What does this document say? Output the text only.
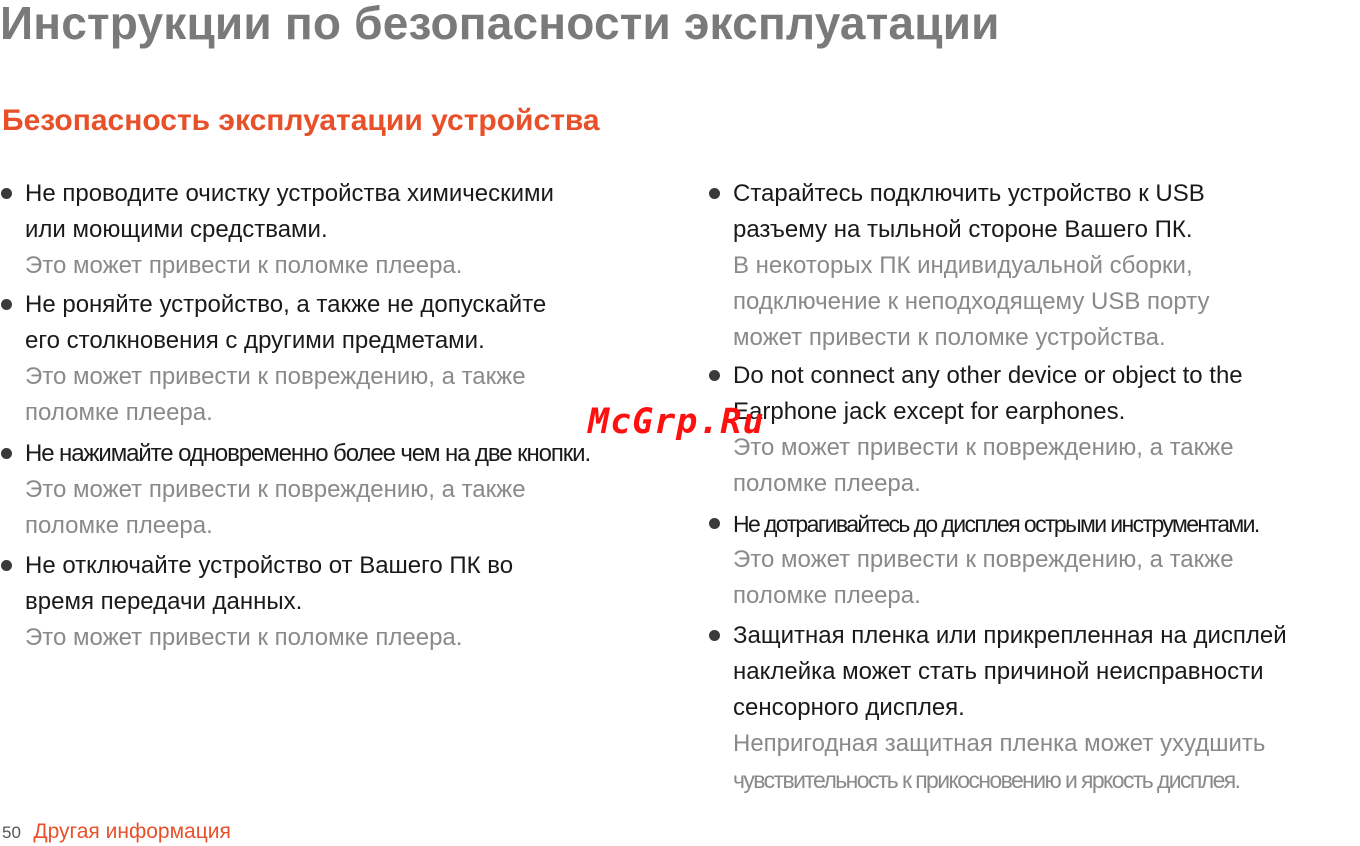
Инструкции по безопасности эксплуатации
Безопасность эксплуатации устройства
Не проводите очистку устройства химическими
или моющими средствами.
Это может привести к поломке плеера.
Не роняйте устройство, а также не допускайте
его столкновения с другими предметами.
Это может привести к повреждению, а также
поломке плеера.
Не нажимайте одновременно более чем на две кнопки.
Это может привести к повреждению, а также
поломке плеера.
Не отключайте устройство от Вашего ПК во
время передачи данных.
Это может привести к поломке плеера.
Старайтесь подключить устройство к USB
разъему на тыльной стороне Вашего ПК.
В некоторых ПК индивидуальной сборки,
подключение к неподходящему USB порту
может привести к поломке устройства.
Do not connect any other device or object to the
Earphone jack except for earphones.
Это может привести к повреждению, а также
поломке плеера.
Не дотрагивайтесь до дисплея острыми инструментами.
Это может привести к повреждению, а также
поломке плеера.
Защитная пленка или прикрепленная на дисплей
наклейка может стать причиной неисправности
сенсорного дисплея.
Непригодная защитная пленка может ухудшить
чувствительность к прикосновению и яркость дисплея.
McGrp.Ru
50 Другая информация
